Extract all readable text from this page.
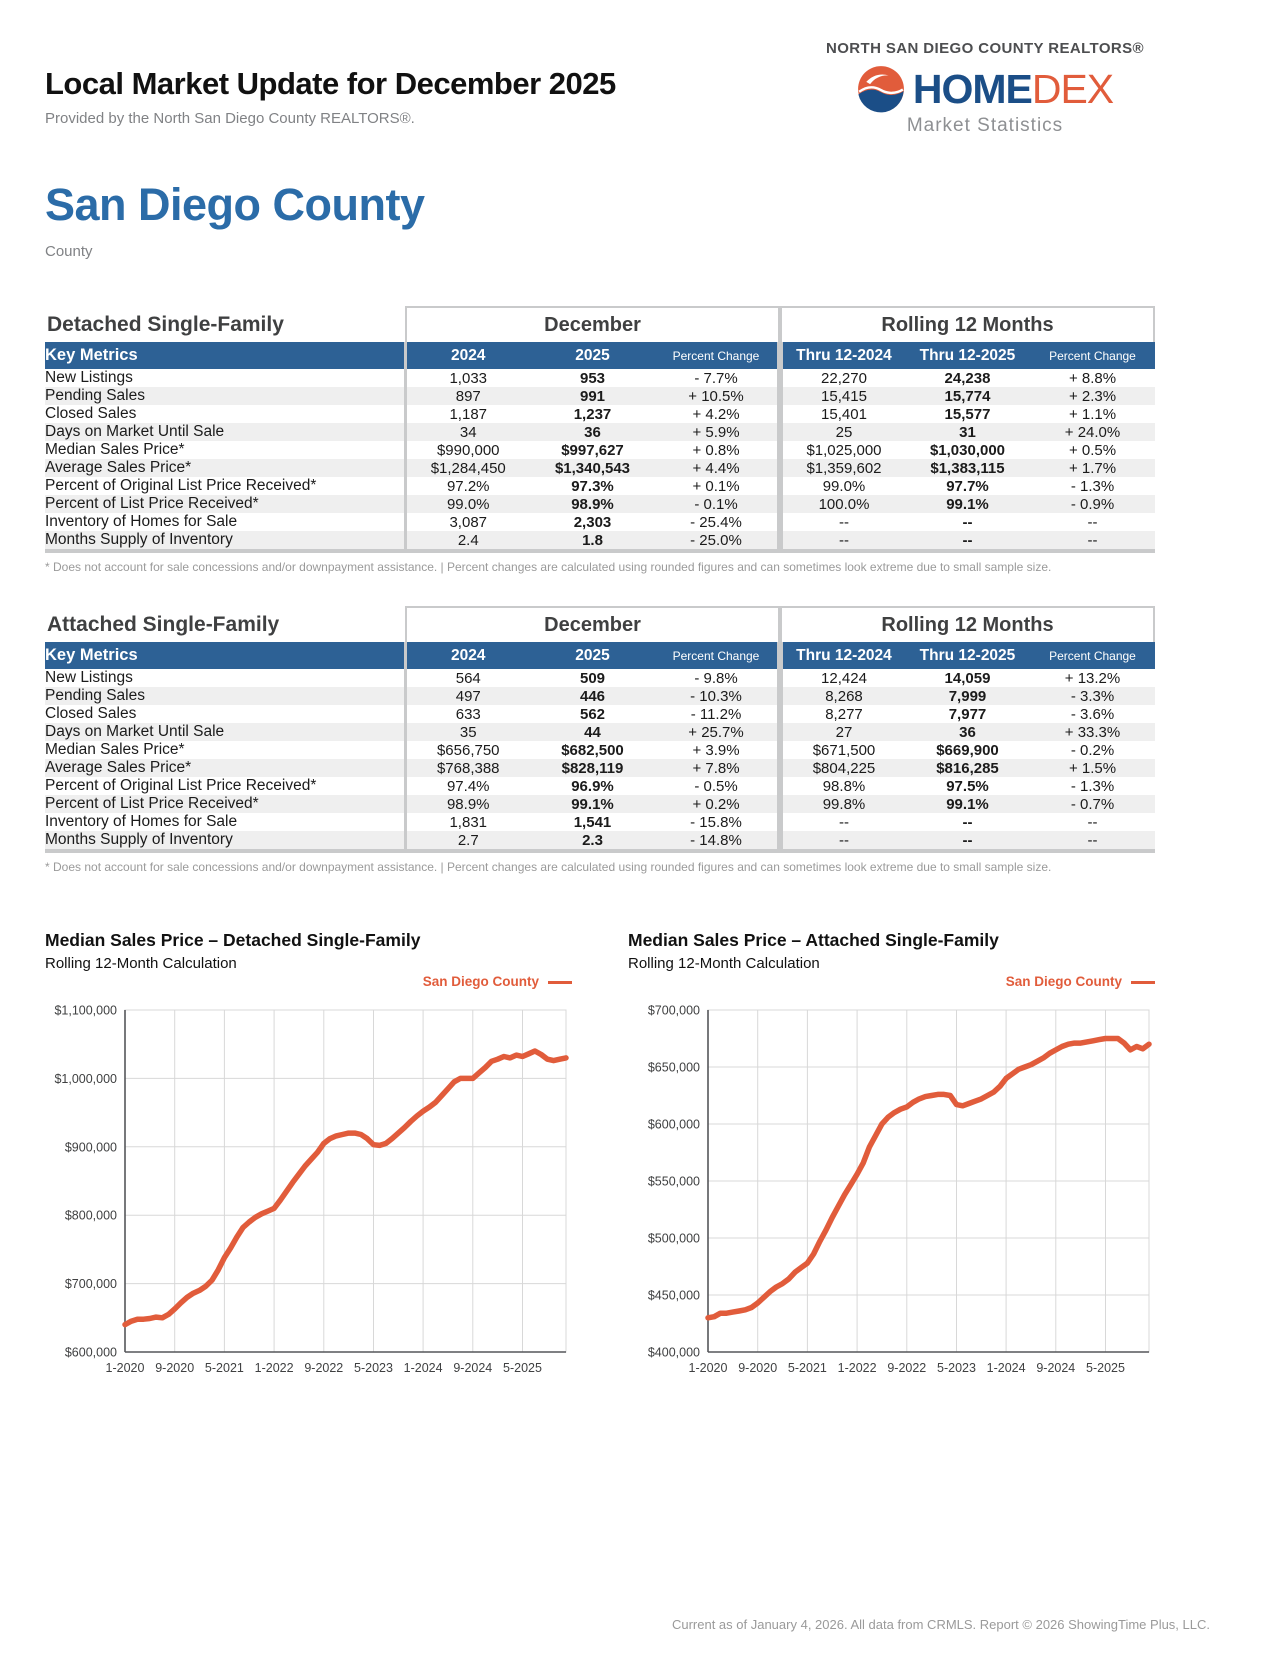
Local Market Update for December 2025

Provided by the North San Diego County REALTORS®.

NORTH SAN DIEGO COUNTY REALTORS®
HOME DEX
Market Statistics
San Diego County

County

Detached Single-Family	December	Rolling 12 Months
Key Metrics	2024	2025	Percent Change	Thru 12-2024	Thru 12-2025	Percent Change
New Listings	1,033	953	- 7.7%	22,270	24,238	+ 8.8%
Pending Sales	897	991	+ 10.5%	15,415	15,774	+ 2.3%
Closed Sales	1,187	1,237	+ 4.2%	15,401	15,577	+ 1.1%
Days on Market Until Sale	34	36	+ 5.9%	25	31	+ 24.0%
Median Sales Price*	$990,000	$997,627	+ 0.8%	$1,025,000	$1,030,000	+ 0.5%
Average Sales Price*	$1,284,450	$1,340,543	+ 4.4%	$1,359,602	$1,383,115	+ 1.7%
Percent of Original List Price Received*	97.2%	97.3%	+ 0.1%	99.0%	97.7%	- 1.3%
Percent of List Price Received*	99.0%	98.9%	- 0.1%	100.0%	99.1%	- 0.9%
Inventory of Homes for Sale	3,087	2,303	- 25.4%	--	--	--
Months Supply of Inventory	2.4	1.8	- 25.0%	--	--	--
* Does not account for sale concessions and/or downpayment assistance. | Percent changes are calculated using rounded figures and can sometimes look extreme due to small sample size.
Attached Single-Family	December	Rolling 12 Months
Key Metrics	2024	2025	Percent Change	Thru 12-2024	Thru 12-2025	Percent Change
New Listings	564	509	- 9.8%	12,424	14,059	+ 13.2%
Pending Sales	497	446	- 10.3%	8,268	7,999	- 3.3%
Closed Sales	633	562	- 11.2%	8,277	7,977	- 3.6%
Days on Market Until Sale	35	44	+ 25.7%	27	36	+ 33.3%
Median Sales Price*	$656,750	$682,500	+ 3.9%	$671,500	$669,900	- 0.2%
Average Sales Price*	$768,388	$828,119	+ 7.8%	$804,225	$816,285	+ 1.5%
Percent of Original List Price Received*	97.4%	96.9%	- 0.5%	98.8%	97.5%	- 1.3%
Percent of List Price Received*	98.9%	99.1%	+ 0.2%	99.8%	99.1%	- 0.7%
Inventory of Homes for Sale	1,831	1,541	- 15.8%	--	--	--
Months Supply of Inventory	2.7	2.3	- 14.8%	--	--	--
* Does not account for sale concessions and/or downpayment assistance. | Percent changes are calculated using rounded figures and can sometimes look extreme due to small sample size.
Median Sales Price – Detached Single-Family
Rolling 12-Month Calculation
San Diego County
$600,000
$700,000
$800,000
$900,000
$1,000,000
$1,100,000
1-2020 9-2020 5-2021 1-2022 9-2022 5-2023 1-2024 9-2024 5-2025
Median Sales Price – Attached Single-Family
Rolling 12-Month Calculation
San Diego County
$400,000
$450,000
$500,000
$550,000
$600,000
$650,000
$700,000
1-2020 9-2020 5-2021 1-2022 9-2022 5-2023 1-2024 9-2024 5-2025
Current as of January 4, 2026. All data from CRMLS. Report © 2026 ShowingTime Plus, LLC.
